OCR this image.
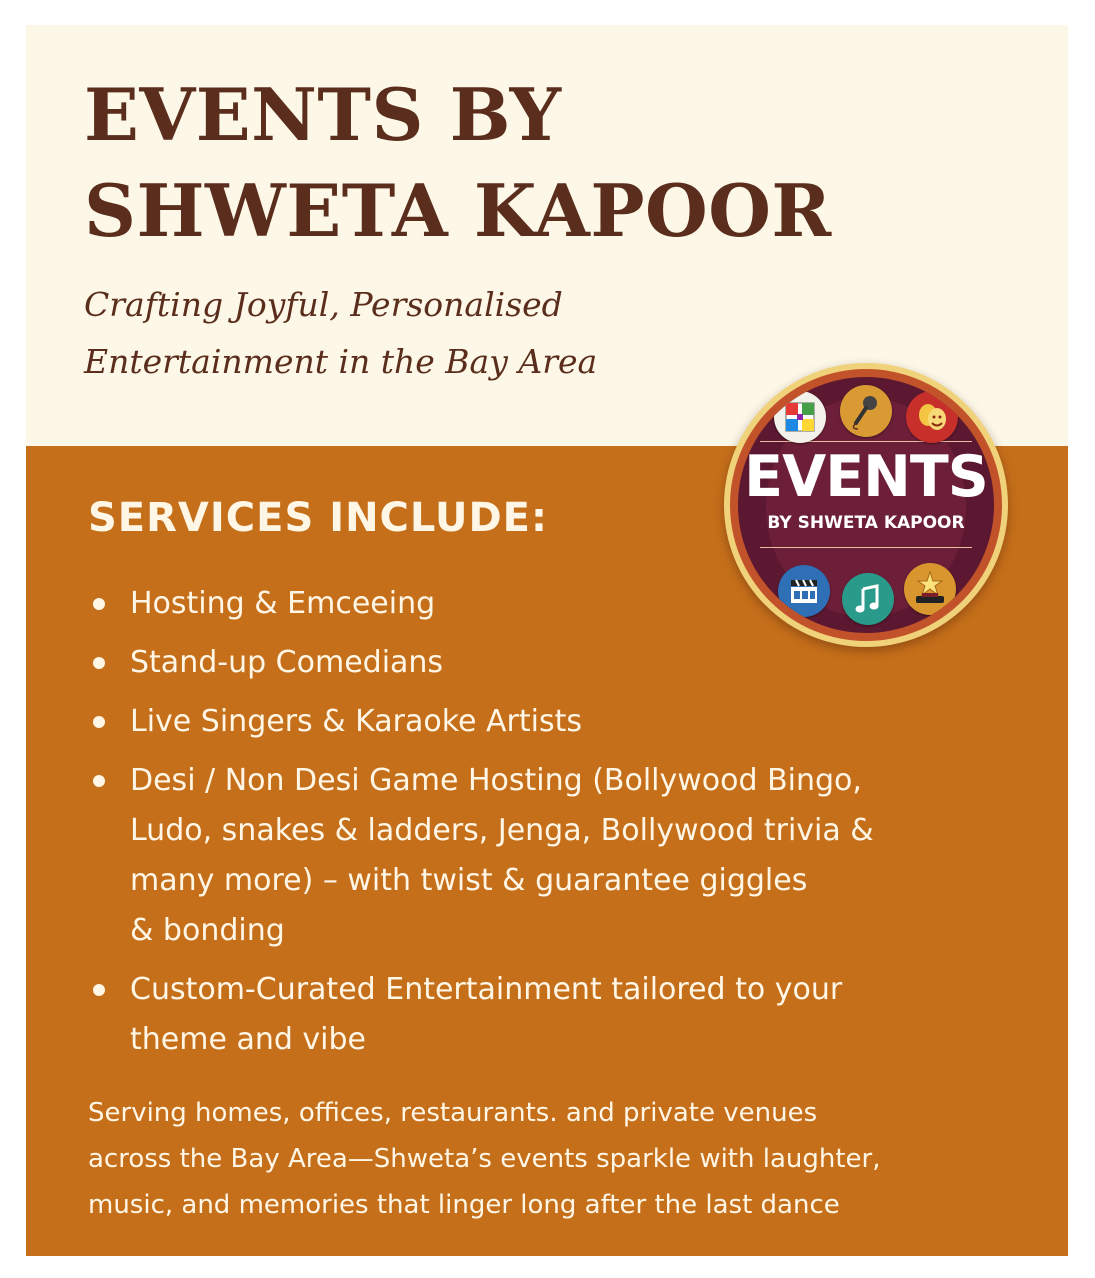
EVENTS BY
SHWETA KAPOOR

Crafting Joyful, Personalised
Entertainment in the Bay Area

SERVICES INCLUDE:
Hosting & Emceeing
Stand-up Comedians
Live Singers & Karaoke Artists
Desi / Non Desi Game Hosting (Bollywood Bingo,
Ludo, snakes & ladders, Jenga, Bollywood trivia &
many more) – with twist & guarantee giggles
& bonding
Custom-Curated Entertainment tailored to your
theme and vibe

Serving homes, offices, restaurants. and private venues
across the Bay Area—Shweta’s events sparkle with laughter,
music, and memories that linger long after the last dance

EVENTS
BY SHWETA KAPOOR
